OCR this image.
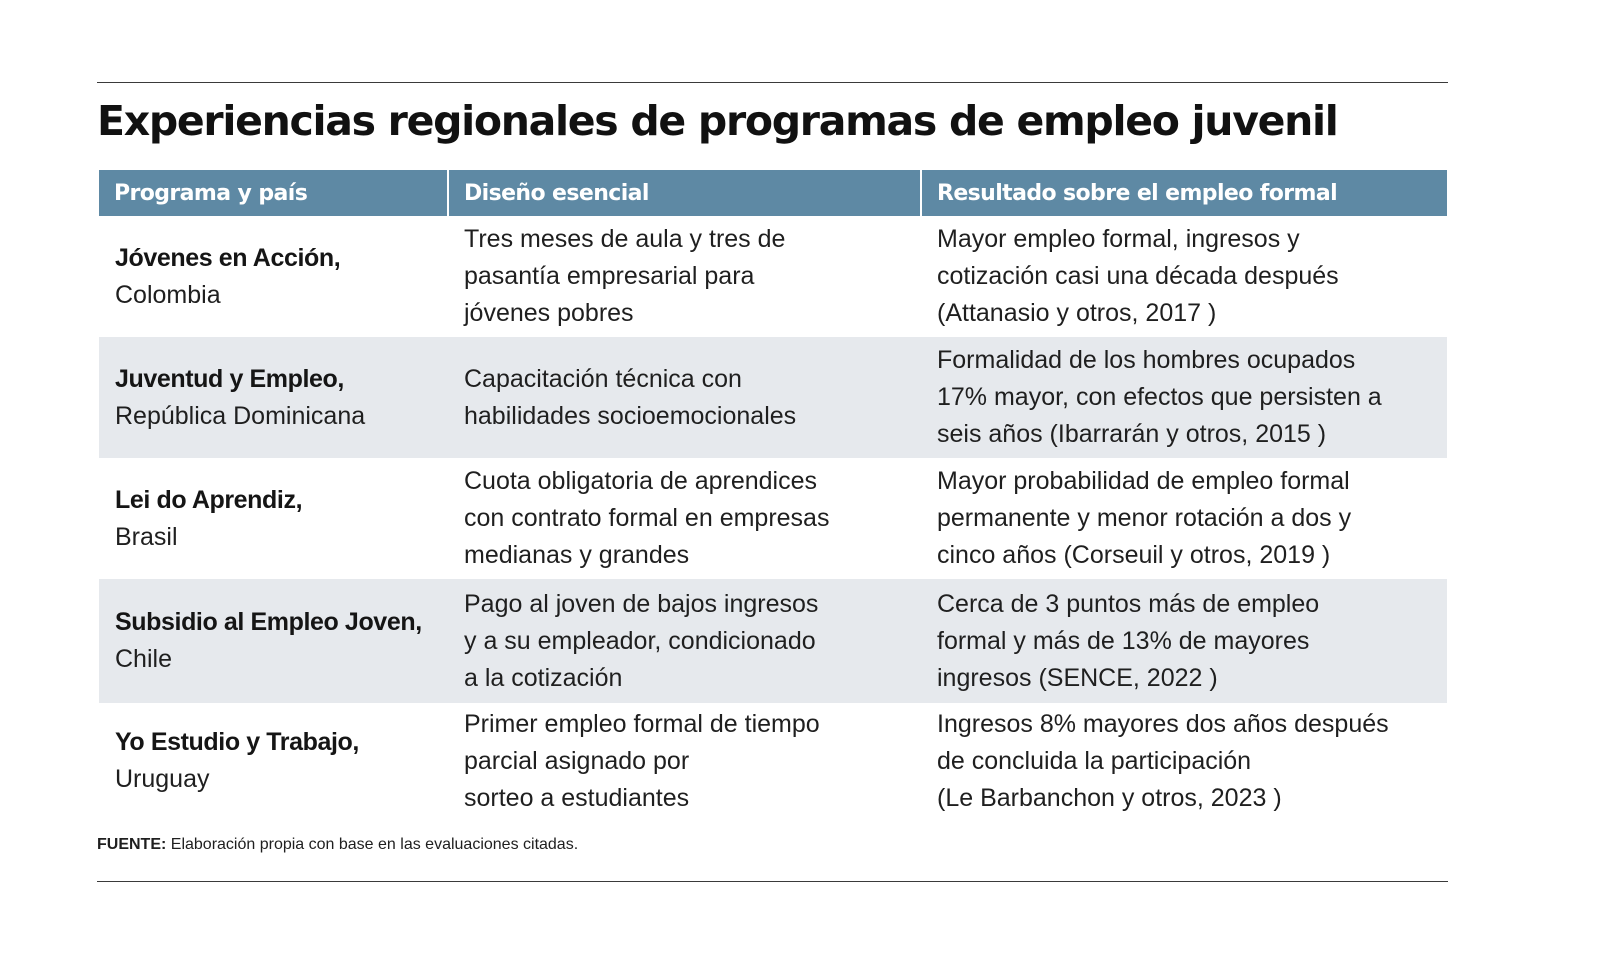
Experiencias regionales de programas de empleo juvenil
Programa y país	Diseño esencial	Resultado sobre el empleo formal
Jóvenes en Acción,
Colombia
Tres meses de aula y tres de
pasantía empresarial para
jóvenes pobres
Mayor empleo formal, ingresos y
cotización casi una década después
(Attanasio y otros, 2017 )
Juventud y Empleo,
República Dominicana
Capacitación técnica con
habilidades socioemocionales
Formalidad de los hombres ocupados
17% mayor, con efectos que persisten a
seis años (Ibarrarán y otros, 2015 )
Lei do Aprendiz,
Brasil
Cuota obligatoria de aprendices
con contrato formal en empresas
medianas y grandes
Mayor probabilidad de empleo formal
permanente y menor rotación a dos y
cinco años (Corseuil y otros, 2019 )
Subsidio al Empleo Joven,
Chile
Pago al joven de bajos ingresos
y a su empleador, condicionado
a la cotización
Cerca de 3 puntos más de empleo
formal y más de 13% de mayores
ingresos (SENCE, 2022 )
Yo Estudio y Trabajo,
Uruguay
Primer empleo formal de tiempo
parcial asignado por
sorteo a estudiantes
Ingresos 8% mayores dos años después
de concluida la participación
(Le Barbanchon y otros, 2023 )
FUENTE: Elaboración propia con base en las evaluaciones citadas.
